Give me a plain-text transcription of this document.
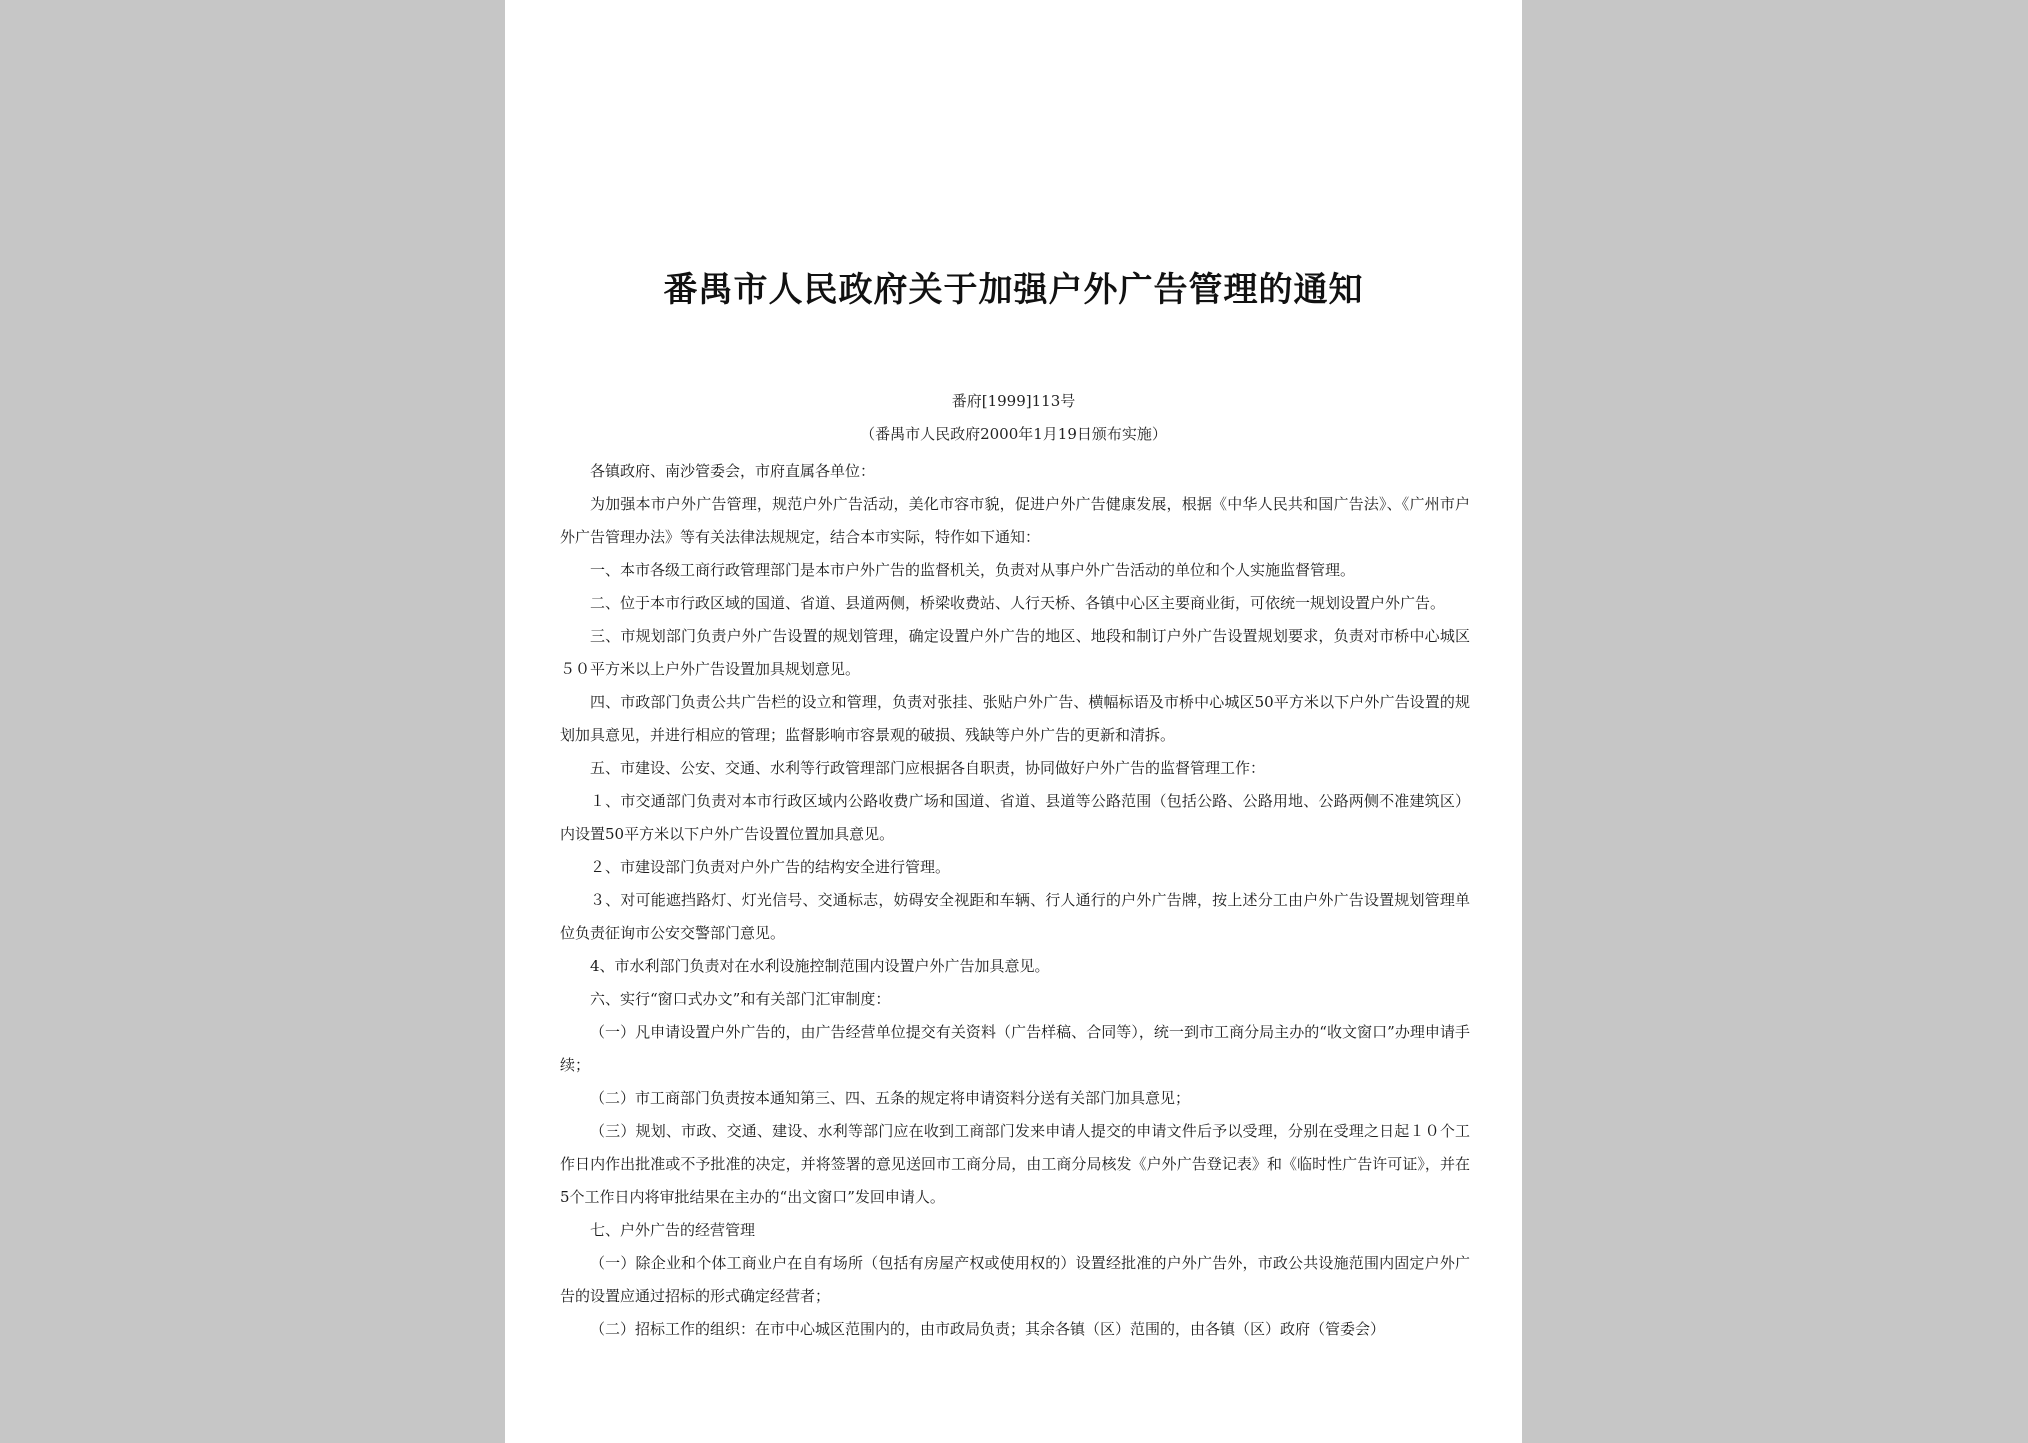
番禺市人民政府关于加强户外广告管理的通知
番府[1999]113号
（番禺市人民政府2000年1月19日颁布实施）

各镇政府、南沙管委会，市府直属各单位：

为加强本市户外广告管理，规范户外广告活动，美化市容市貌，促进户外广告健康发展，根据《中华人民共和国广告法》、《广州市户外广告管理办法》等有关法律法规规定，结合本市实际，特作如下通知：

一、本市各级工商行政管理部门是本市户外广告的监督机关，负责对从事户外广告活动的单位和个人实施监督管理。

二、位于本市行政区域的国道、省道、县道两侧，桥梁收费站、人行天桥、各镇中心区主要商业街，可依统一规划设置户外广告。

三、市规划部门负责户外广告设置的规划管理，确定设置户外广告的地区、地段和制订户外广告设置规划要求，负责对市桥中心城区５０平方米以上户外广告设置加具规划意见。

四、市政部门负责公共广告栏的设立和管理，负责对张挂、张贴户外广告、横幅标语及市桥中心城区50平方米以下户外广告设置的规划加具意见，并进行相应的管理；监督影响市容景观的破损、残缺等户外广告的更新和清拆。

五、市建设、公安、交通、水利等行政管理部门应根据各自职责，协同做好户外广告的监督管理工作：

１、市交通部门负责对本市行政区域内公路收费广场和国道、省道、县道等公路范围（包括公路、公路用地、公路两侧不准建筑区）内设置50平方米以下户外广告设置位置加具意见。

２、市建设部门负责对户外广告的结构安全进行管理。

３、对可能遮挡路灯、灯光信号、交通标志，妨碍安全视距和车辆、行人通行的户外广告牌，按上述分工由户外广告设置规划管理单位负责征询市公安交警部门意见。

4、市水利部门负责对在水利设施控制范围内设置户外广告加具意见。

六、实行“窗口式办文”和有关部门汇审制度：

（一）凡申请设置户外广告的，由广告经营单位提交有关资料（广告样稿、合同等），统一到市工商分局主办的“收文窗口”办理申请手续；

（二）市工商部门负责按本通知第三、四、五条的规定将申请资料分送有关部门加具意见；

（三）规划、市政、交通、建设、水利等部门应在收到工商部门发来申请人提交的申请文件后予以受理，分别在受理之日起１０个工作日内作出批准或不予批准的决定，并将签署的意见送回市工商分局，由工商分局核发《户外广告登记表》和《临时性广告许可证》，并在5个工作日内将审批结果在主办的“出文窗口”发回申请人。

七、户外广告的经营管理

（一）除企业和个体工商业户在自有场所（包括有房屋产权或使用权的）设置经批准的户外广告外，市政公共设施范围内固定户外广告的设置应通过招标的形式确定经营者；

（二）招标工作的组织：在市中心城区范围内的，由市政局负责；其余各镇（区）范围的，由各镇（区）政府（管委会）
